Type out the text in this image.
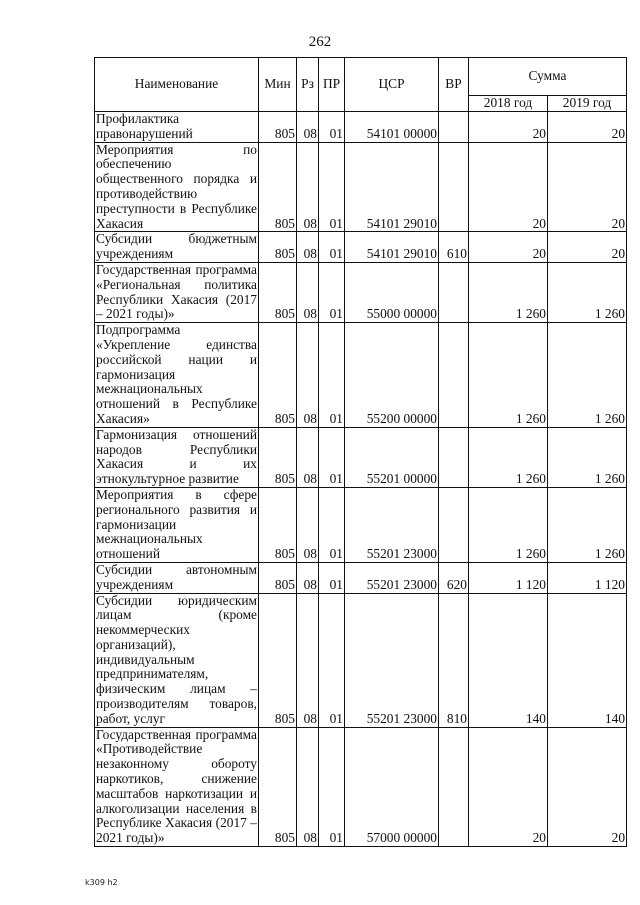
262
Наименование	Мин	Рз	ПР	ЦСР	ВР	Сумма	
						2018 год	2019 год
Профилактика правонарушений	805	08	01	54101 00000		20	20
Мероприятия по обеспечению общественного порядка и противодействию преступности в Республике Хакасия	805	08	01	54101 29010		20	20
Субсидии бюджетным учреждениям	805	08	01	54101 29010	610	20	20
Государственная программа «Региональная политика Республики Хакасия (2017 – 2021 годы)»	805	08	01	55000 00000		1 260	1 260
Подпрограмма «Укрепление единства российской нации и гармонизация межнациональных отношений в Республике Хакасия»	805	08	01	55200 00000		1 260	1 260
Гармонизация отношений народов Республики Хакасия и их этнокультурное развитие	805	08	01	55201 00000		1 260	1 260
Мероприятия в сфере регионального развития и гармонизации межнациональных отношений	805	08	01	55201 23000		1 260	1 260
Субсидии автономным учреждениям	805	08	01	55201 23000	620	1 120	1 120
Субсидии юридическим лицам (кроме некоммерческих организаций), индивидуальным предпринимателям, физическим лицам – производителям товаров, работ, услуг	805	08	01	55201 23000	810	140	140
Государственная программа «Противодействие незаконному обороту наркотиков, снижение масштабов наркотизации и алкоголизации населения в Республике Хакасия (2017 – 2021 годы)»	805	08	01	57000 00000		20	20
k309 h2
